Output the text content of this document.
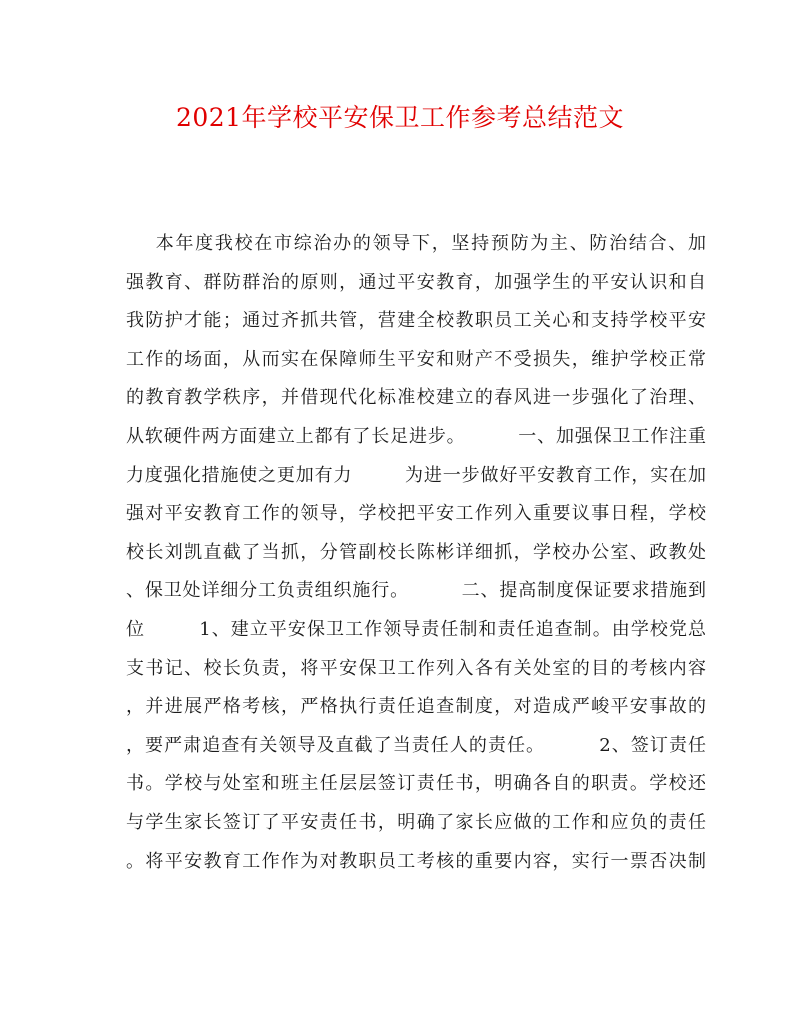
2021年学校平安保卫工作参考总结范文
本年度我校在市综治办的领导下，坚持预防为主、防治结合、加
强教育、群防群治的原则，通过平安教育，加强学生的平安认识和自
我防护才能；通过齐抓共管，营建全校教职员工关心和支持学校平安
工作的场面，从而实在保障师生平安和财产不受损失，维护学校正常
的教育教学秩序，并借现代化标准校建立的春风进一步强化了治理、
从软硬件两方面建立上都有了长足进步。        一、加强保卫工作注重
力度强化措施使之更加有力        为进一步做好平安教育工作，实在加
强对平安教育工作的领导，学校把平安工作列入重要议事日程，学校
校长刘凯直截了当抓，分管副校长陈彬详细抓，学校办公室、政教处
、保卫处详细分工负责组织施行。        二、提高制度保证要求措施到
位        1、建立平安保卫工作领导责任制和责任追查制。由学校党总
支书记、校长负责，将平安保卫工作列入各有关处室的目的考核内容
，并进展严格考核，严格执行责任追查制度，对造成严峻平安事故的
，要严肃追查有关领导及直截了当责任人的责任。        2、签订责任
书。学校与处室和班主任层层签订责任书，明确各自的职责。学校还
与学生家长签订了平安责任书，明确了家长应做的工作和应负的责任
。将平安教育工作作为对教职员工考核的重要内容，实行一票否决制
